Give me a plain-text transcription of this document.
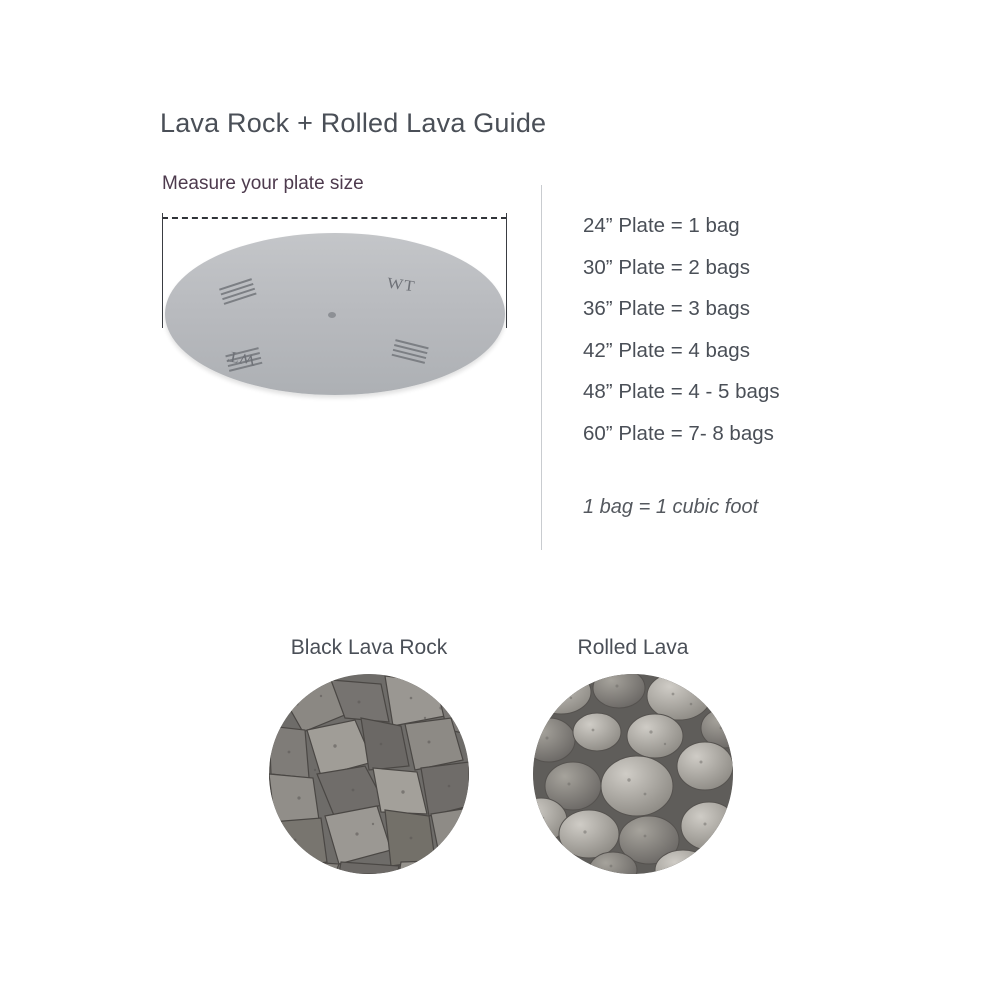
Lava Rock + Rolled Lava Guide
Measure your plate size
WT
WT
24” Plate = 1 bag
30” Plate = 2 bags
36” Plate = 3 bags
42” Plate = 4 bags
48” Plate = 4 - 5 bags
60” Plate = 7- 8 bags
1 bag = 1 cubic foot
Black Lava Rock	Rolled Lava
